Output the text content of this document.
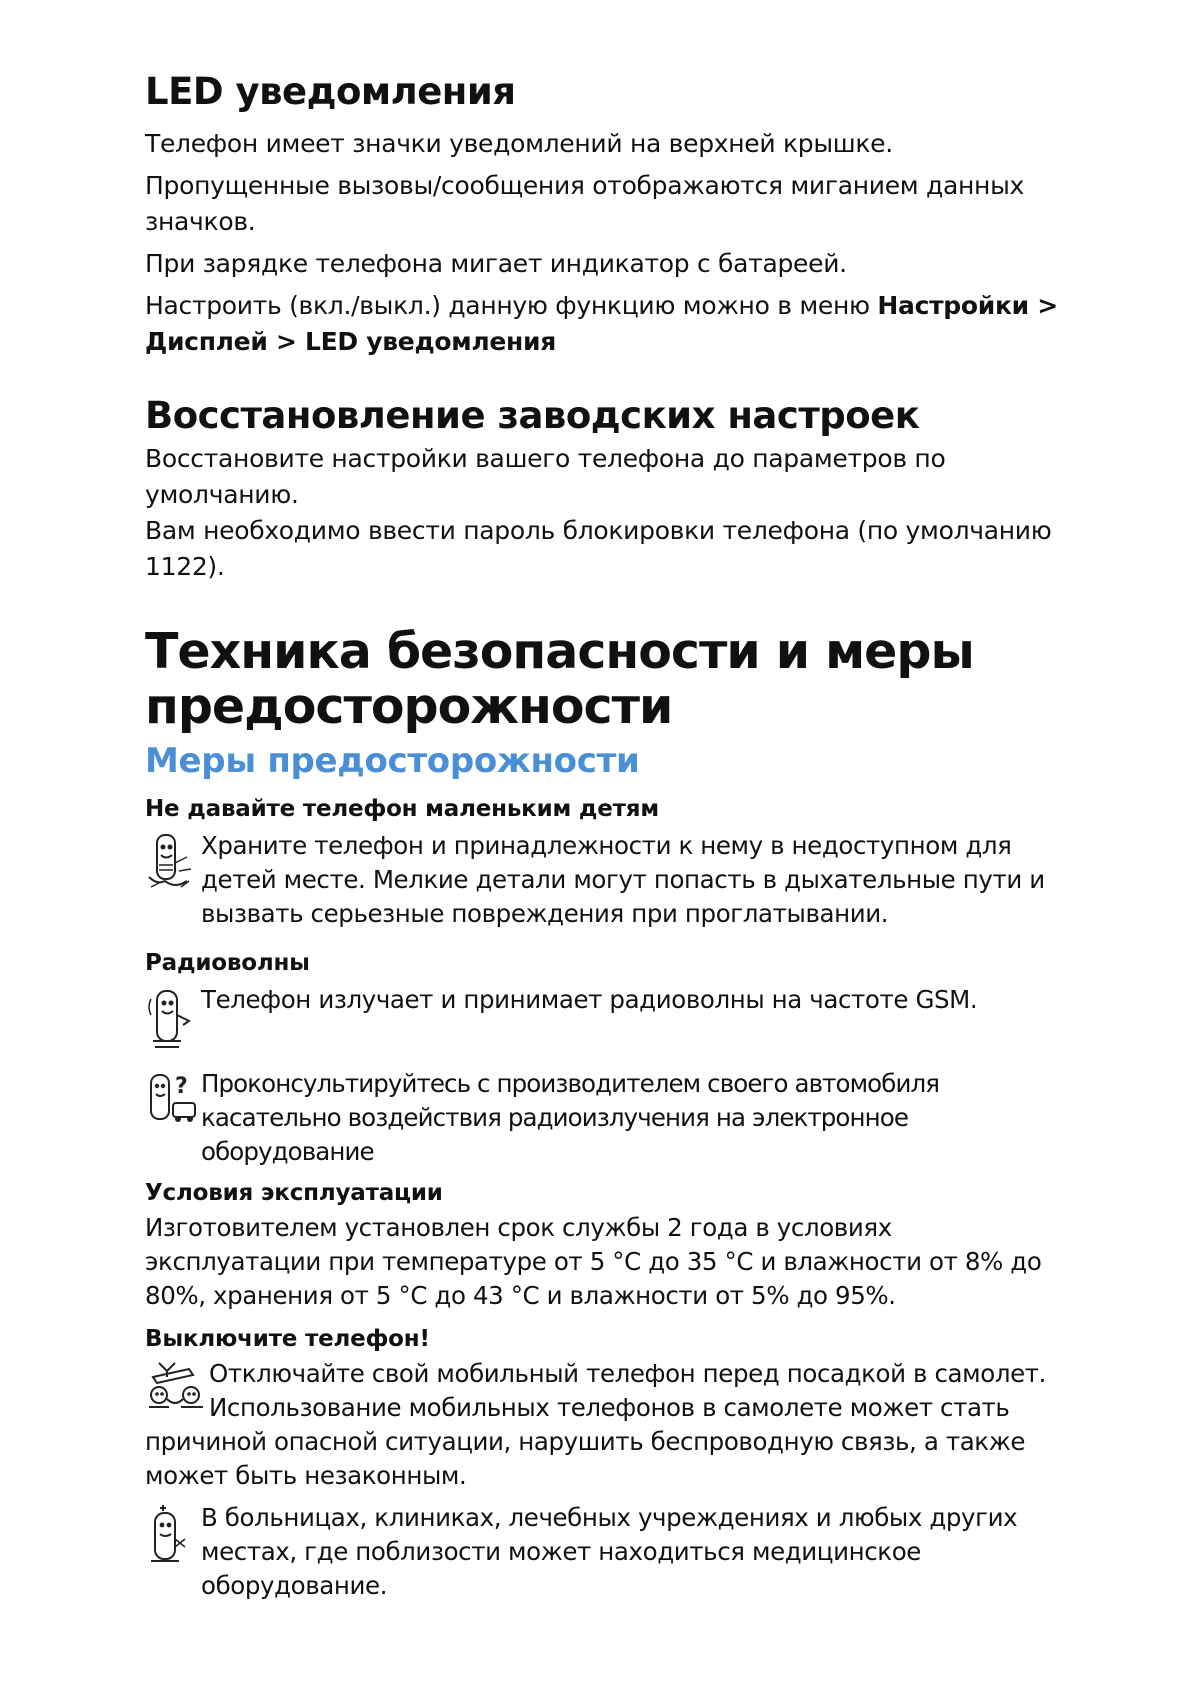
LED уведомления

Телефон имеет значки уведомлений на верхней крышке.

Пропущенные вызовы/сообщения отображаются миганием данных значков.

При зарядке телефона мигает индикатор с батареей.

Настроить (вкл./выкл.) данную функцию можно в меню Настройки > Дисплей > LED уведомления

Восстановление заводских настроек

Восстановите настройки вашего телефона до параметров по умолчанию.

Вам необходимо ввести пароль блокировки телефона (по умолчанию 1122).

Техника безопасности и меры предосторожности
Меры предосторожности
Не давайте телефон маленьким детям
Храните телефон и принадлежности к нему в недоступном для детей месте. Мелкие детали могут попасть в дыхательные пути и вызвать серьезные повреждения при проглатывании.
Радиоволны
Телефон излучает и принимает радиоволны на частоте GSM.
? Проконсультируйтесь с производителем своего автомобиля касательно воздействия радиоизлучения на электронное оборудование
Условия эксплуатации
Изготовителем установлен срок службы 2 года в условиях эксплуатации при температуре от 5 °C до 35 °C и влажности от 8% до 80%, хранения от 5 °C до 43 °C и влажности от 5% до 95%.
Выключите телефон!
Отключайте свой мобильный телефон перед посадкой в самолет. Использование мобильных телефонов в самолете может стать причиной опасной ситуации, нарушить беспроводную связь, а также может быть незаконным.
В больницах, клиниках, лечебных учреждениях и любых других местах, где поблизости может находиться медицинское оборудование.
